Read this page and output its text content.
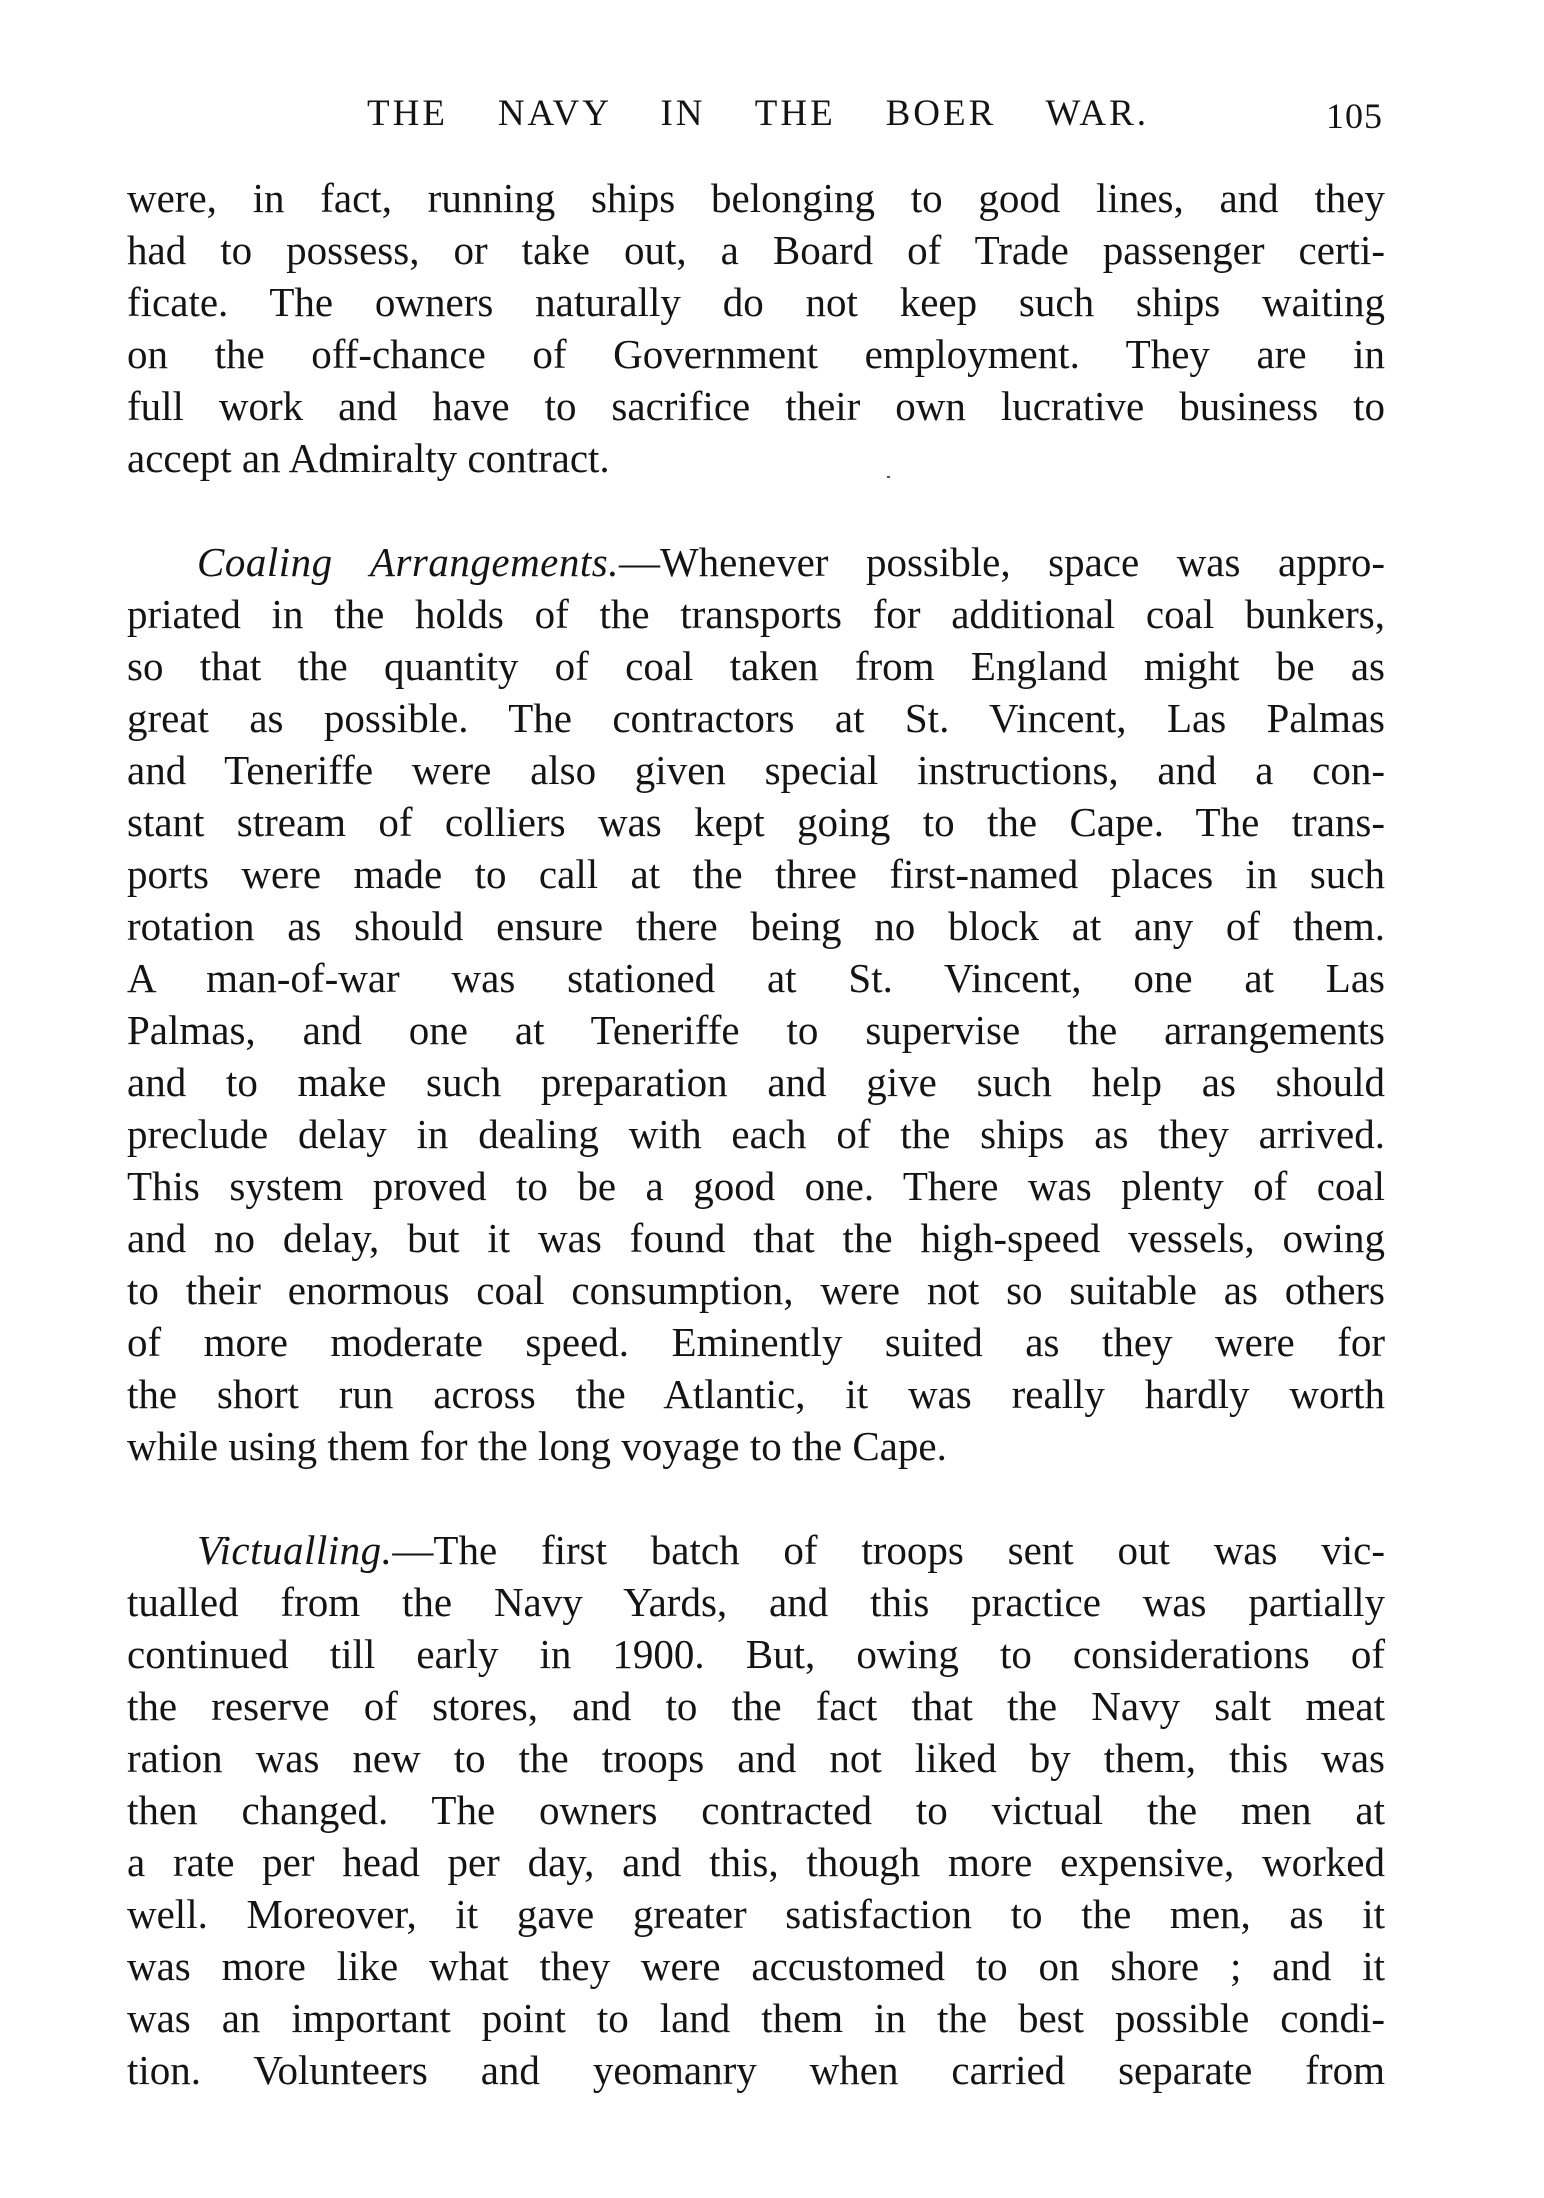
THE NAVY IN THE BOER WAR.	105
were, in fact, running ships belonging to good lines, and they
had to possess, or take out, a Board of Trade passenger certi-
ficate. The owners naturally do not keep such ships waiting
on the off-chance of Government employment. They are in
full work and have to sacrifice their own lucrative business to
accept an Admiralty contract.
Coaling Arrangements.—Whenever possible, space was appro-
priated in the holds of the transports for additional coal bunkers,
so that the quantity of coal taken from England might be as
great as possible. The contractors at St. Vincent, Las Palmas
and Teneriffe were also given special instructions, and a con-
stant stream of colliers was kept going to the Cape. The trans-
ports were made to call at the three first-named places in such
rotation as should ensure there being no block at any of them.
A man-of-war was stationed at St. Vincent, one at Las
Palmas, and one at Teneriffe to supervise the arrangements
and to make such preparation and give such help as should
preclude delay in dealing with each of the ships as they arrived.
This system proved to be a good one. There was plenty of coal
and no delay, but it was found that the high-speed vessels, owing
to their enormous coal consumption, were not so suitable as others
of more moderate speed. Eminently suited as they were for
the short run across the Atlantic, it was really hardly worth
while using them for the long voyage to the Cape.
Victualling.—The first batch of troops sent out was vic-
tualled from the Navy Yards, and this practice was partially
continued till early in 1900. But, owing to considerations of
the reserve of stores, and to the fact that the Navy salt meat
ration was new to the troops and not liked by them, this was
then changed. The owners contracted to victual the men at
a rate per head per day, and this, though more expensive, worked
well. Moreover, it gave greater satisfaction to the men, as it
was more like what they were accustomed to on shore ; and it
was an important point to land them in the best possible condi-
tion. Volunteers and yeomanry when carried separate from
